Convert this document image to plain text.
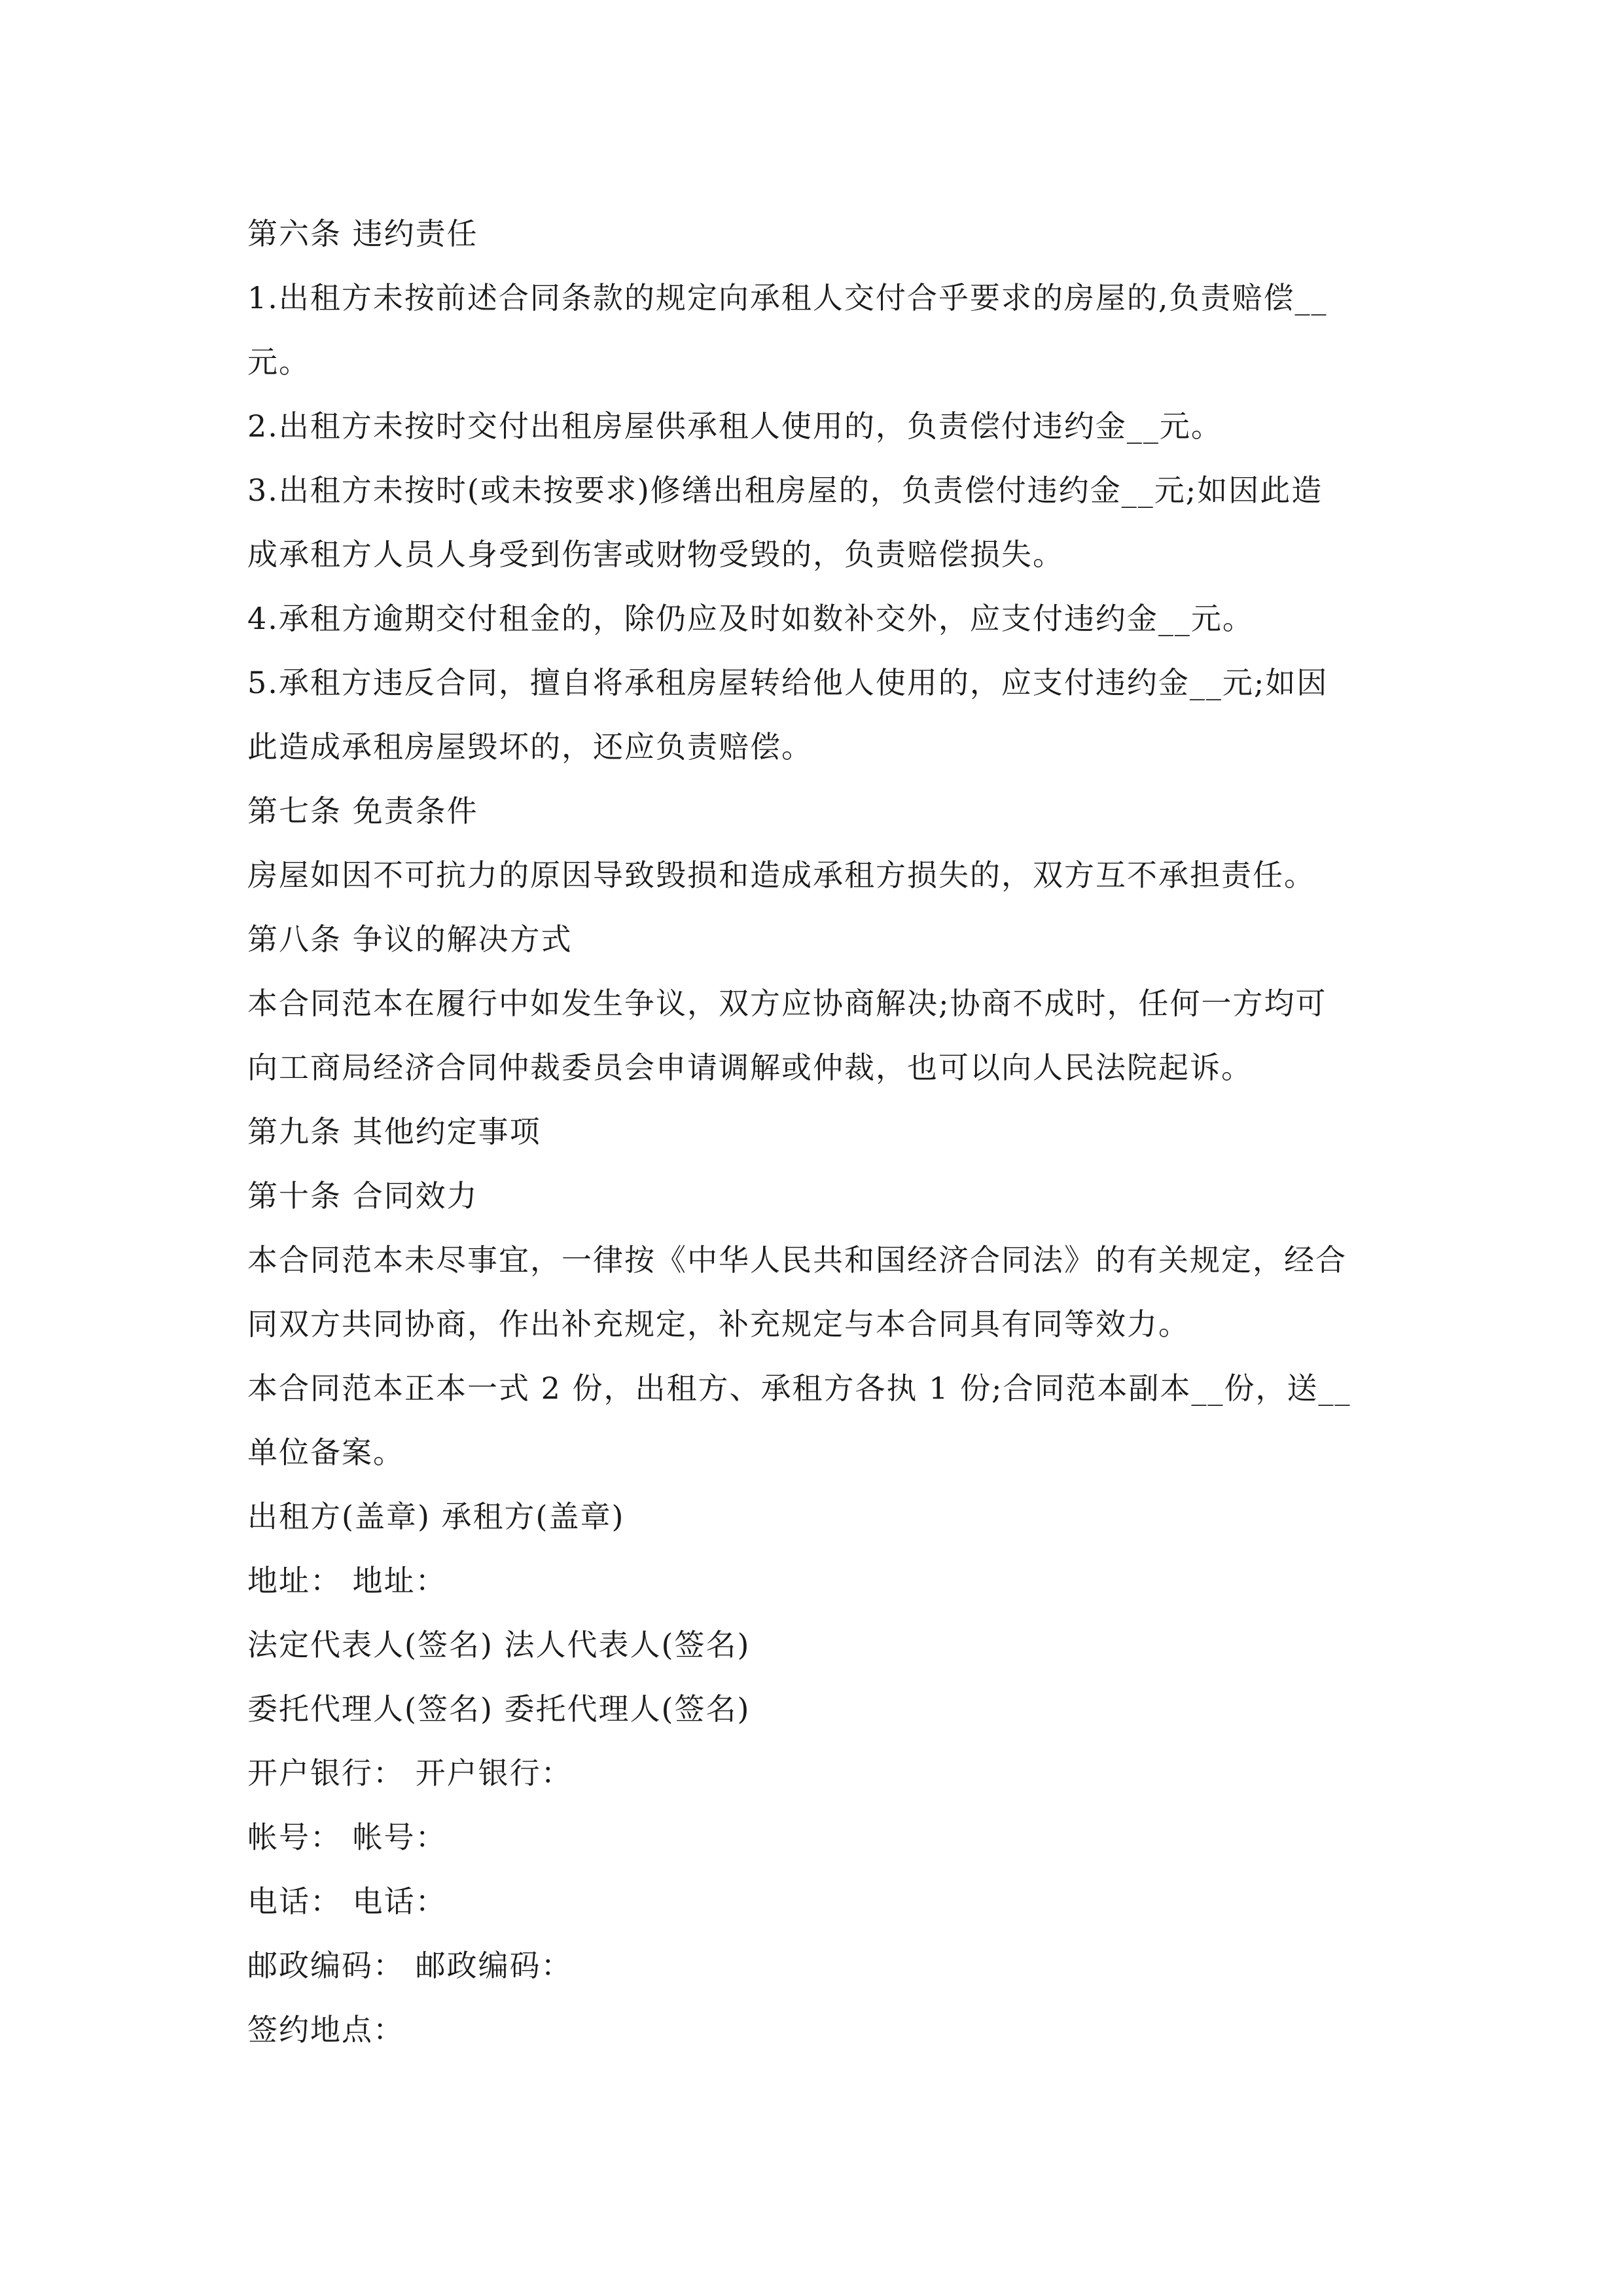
第六条 违约责任
1.出租方未按前述合同条款的规定向承租人交付合乎要求的房屋的,负责赔偿__
元。
2.出租方未按时交付出租房屋供承租人使用的，负责偿付违约金__元。
3.出租方未按时(或未按要求)修缮出租房屋的，负责偿付违约金__元;如因此造
成承租方人员人身受到伤害或财物受毁的，负责赔偿损失。
4.承租方逾期交付租金的，除仍应及时如数补交外，应支付违约金__元。
5.承租方违反合同，擅自将承租房屋转给他人使用的，应支付违约金__元;如因
此造成承租房屋毁坏的，还应负责赔偿。
第七条 免责条件
房屋如因不可抗力的原因导致毁损和造成承租方损失的，双方互不承担责任。
第八条 争议的解决方式
本合同范本在履行中如发生争议，双方应协商解决;协商不成时，任何一方均可
向工商局经济合同仲裁委员会申请调解或仲裁，也可以向人民法院起诉。
第九条 其他约定事项
第十条 合同效力
本合同范本未尽事宜，一律按《中华人民共和国经济合同法》的有关规定，经合
同双方共同协商，作出补充规定，补充规定与本合同具有同等效力。
本合同范本正本一式 2 份，出租方、承租方各执 1 份;合同范本副本__份，送__
单位备案。
出租方(盖章) 承租方(盖章)
地址： 地址：
法定代表人(签名) 法人代表人(签名)
委托代理人(签名) 委托代理人(签名)
开户银行： 开户银行：
帐号： 帐号：
电话： 电话：
邮政编码： 邮政编码：
签约地点：
